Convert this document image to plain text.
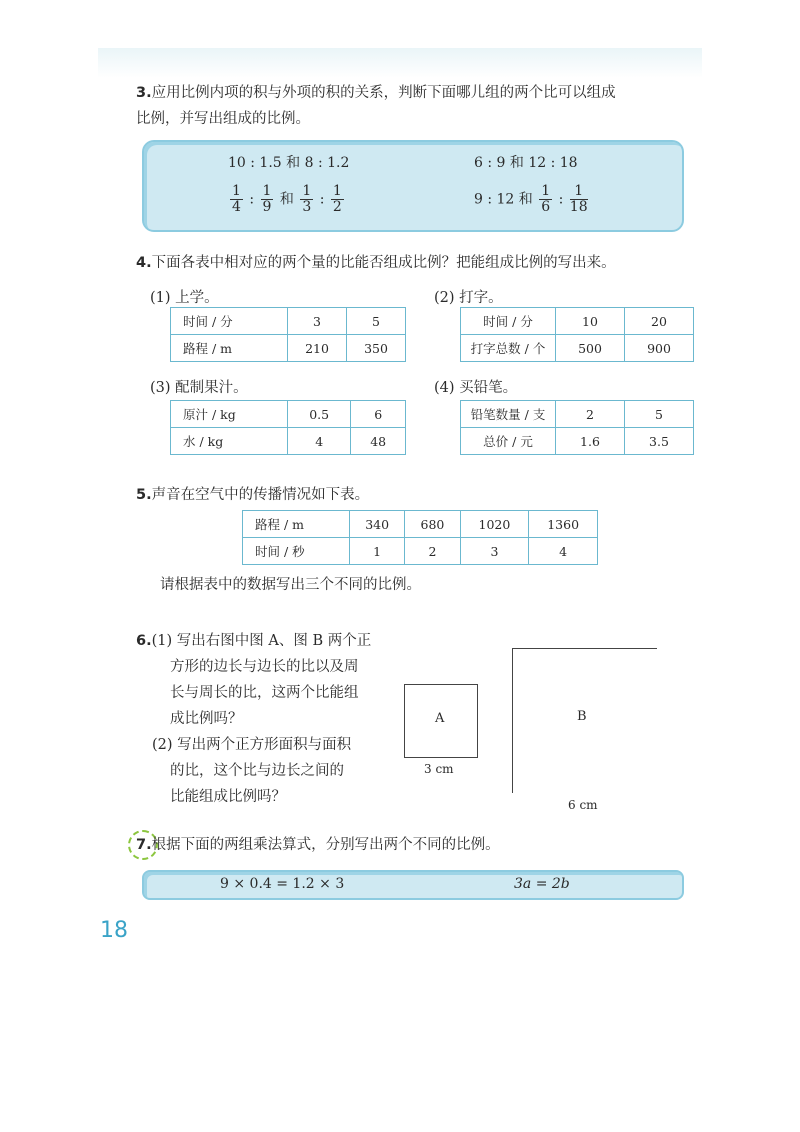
3.应用比例内项的积与外项的积的关系，判断下面哪儿组的两个比可以组成
比例，并写出组成的比例。
10 : 1.5 和 8 : 1.2	6 : 9 和 12 : 18
$\frac{1}{4}$ : $\frac{1}{9}$ 和 $\frac{1}{3}$ : $\frac{1}{2}$	9 : 12 和 $\frac{1}{6}$ : $\frac{1}{18}$
4.下面各表中相对应的两个量的比能否组成比例？把能组成比例的写出来。
(1) 上学。
时间 / 分	3	5
路程 / m	210	350
(2) 打字。
时间 / 分	10	20
打字总数 / 个	500	900
(3) 配制果汁。
原汁 / kg	0.5	6
水 / kg	4	48
(4) 买铅笔。
铅笔数量 / 支	2	5
总价 / 元	1.6	3.5
5.声音在空气中的传播情况如下表。
路程 / m	340	680	1020	1360
时间 / 秒	1	2	3	4
请根据表中的数据写出三个不同的比例。
6.(1) 写出右图中图 A、图 B 两个正
方形的边长与边长的比以及周
长与周长的比，这两个比能组
成比例吗？
(2) 写出两个正方形面积与面积
的比，这个比与边长之间的
比能组成比例吗？
A
3 cm
B
6 cm
7.根据下面的两组乘法算式，分别写出两个不同的比例。
9 × 0.4 = 1.2 × 3	3a = 2b
18
